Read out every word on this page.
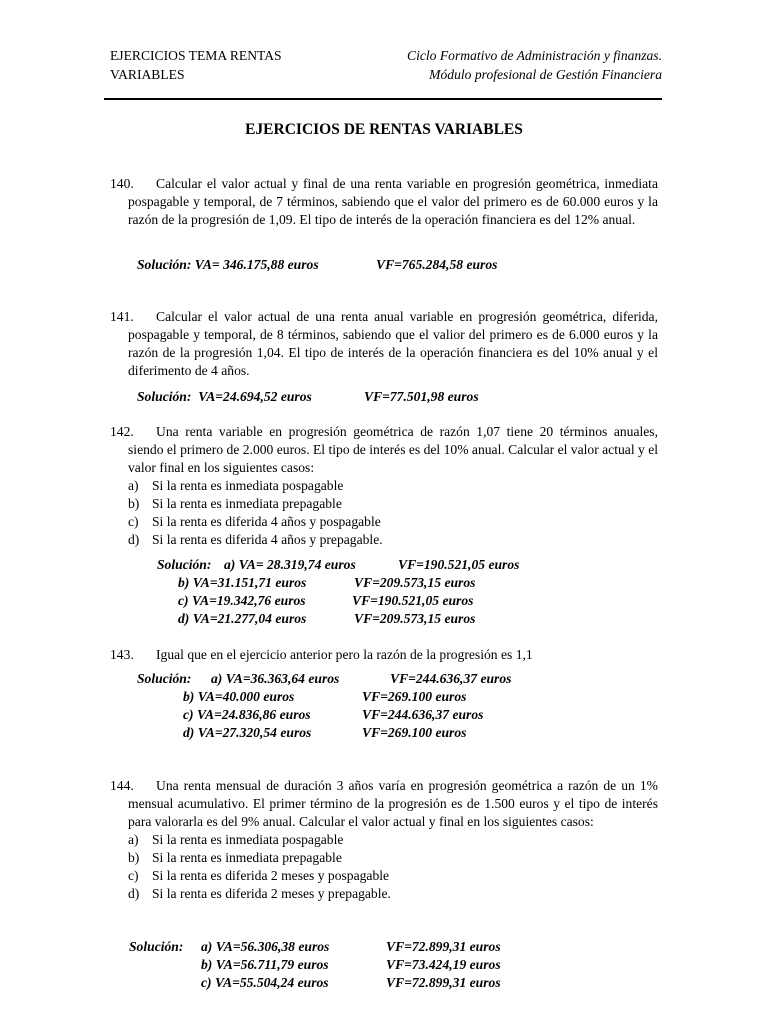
EJERCICIOS TEMA RENTAS
VARIABLES
Ciclo Formativo de Administración y finanzas.
Módulo profesional de Gestión Financiera
EJERCICIOS DE RENTAS VARIABLES
140. Calcular el valor actual y final de una renta variable en progresión geométrica, inmediata pospagable y temporal, de 7 términos, sabiendo que el valor del primero es de 60.000 euros y la razón de la progresión de 1,09. El tipo de interés de la operación financiera es del 12% anual.
Solución: VA= 346.175,88 euros	VF=765.284,58 euros
141. Calcular el valor actual de una renta anual variable en progresión geométrica, diferida, pospagable y temporal, de 8 términos, sabiendo que el valior del primero es de 6.000 euros y la razón de la progresión 1,04. El tipo de interés de la operación financiera es del 10% anual y el diferimento de 4 años.
Solución: VA=24.694,52 euros	VF=77.501,98 euros
142. Una renta variable en progresión geométrica de razón 1,07 tiene 20 términos anuales, siendo el primero de 2.000 euros. El tipo de interés es del 10% anual. Calcular el valor actual y el valor final en los siguientes casos:
a) Si la renta es inmediata pospagable
b) Si la renta es inmediata prepagable
c) Si la renta es diferida 4 años y pospagable
d) Si la renta es diferida 4 años y prepagable.
Solución: a) VA= 28.319,74 euros	VF=190.521,05 euros
b) VA=31.151,71 euros	VF=209.573,15 euros
c) VA=19.342,76 euros	VF=190.521,05 euros
d) VA=21.277,04 euros	VF=209.573,15 euros
143. Igual que en el ejercicio anterior pero la razón de la progresión es 1,1
Solución: a) VA=36.363,64 euros	VF=244.636,37 euros
b) VA=40.000 euros	VF=269.100 euros
c) VA=24.836,86 euros	VF=244.636,37 euros
d) VA=27.320,54 euros	VF=269.100 euros
144. Una renta mensual de duración 3 años varía en progresión geométrica a razón de un 1% mensual acumulativo. El primer término de la progresión es de 1.500 euros y el tipo de interés para valorarla es del 9% anual. Calcular el valor actual y final en los siguientes casos:
a) Si la renta es inmediata pospagable
b) Si la renta es inmediata prepagable
c) Si la renta es diferida 2 meses y pospagable
d) Si la renta es diferida 2 meses y prepagable.
Solución: a) VA=56.306,38 euros	VF=72.899,31 euros
b) VA=56.711,79 euros	VF=73.424,19 euros
c) VA=55.504,24 euros	VF=72.899,31 euros
